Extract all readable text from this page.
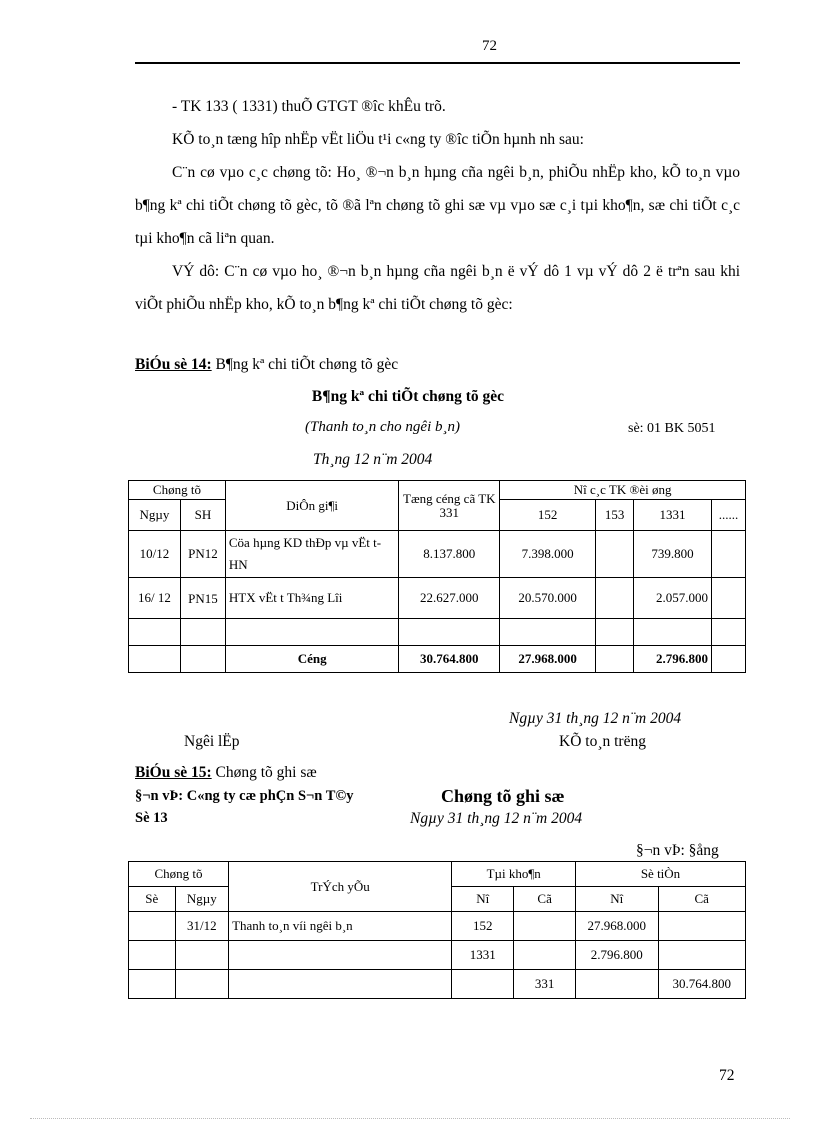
72
- TK 133 ( 1331) thuÕ GTGT ®îc khÊu trõ.
KÕ to¸n tæng hîp nhËp vËt liÖu t¹i c«ng ty ®îc tiÕn hµnh nh sau:
C¨n cø vµo c¸c chøng tõ: Ho¸ ®¬n b¸n hµng cña ngêi b¸n, phiÕu nhËp kho, kÕ to¸n vµo b¶ng kª chi tiÕt chøng tõ gèc, tõ ®ã lªn chøng tõ ghi sæ vµ vµo sæ c¸i tµi kho¶n, sæ chi tiÕt c¸c tµi kho¶n cã liªn quan.
VÝ dô: C¨n cø vµo ho¸ ®¬n b¸n hµng cña ngêi b¸n ë vÝ dô 1 vµ vÝ dô 2 ë trªn sau khi viÕt phiÕu nhËp kho, kÕ to¸n b¶ng kª chi tiÕt chøng tõ gèc:
BiÓu sè 14: B¶ng kª chi tiÕt chøng tõ gèc
B¶ng kª chi tiÕt chøng tõ gèc
(Thanh to¸n cho ngêi b¸n)	sè: 01 BK 5051
Th¸ng 12 n¨m 2004
Chøng tõ		DiÔn gi¶i	Tæng céng cã TK 331	Nî c¸c TK ®èi øng			
Ngµy	SH			152	153	1331	......
10/12	PN12	Cöa hµng KD thÐp vµ vËt t HN	8.137.800	7.398.000		739.800	
16/ 12	PN15	HTX vËt t Th¾ng Lîi	22.627.000	20.570.000		2.057.000	

		Céng	30.764.800	27.968.000		2.796.800	
Ngµy 31 th¸ng 12 n¨m 2004
Ngêi lËp	KÕ to¸n trëng
BiÓu sè 15: Chøng tõ ghi sæ
§¬n vÞ: C«ng ty cæ phÇn S¬n T©y	Chøng tõ ghi sæ
Sè 13	Ngµy 31 th¸ng 12 n¨m 2004
§¬n vÞ: §ång
Chøng tõ		TrÝch yÕu	Tµi kho¶n		Sè tiÒn	
Sè	Ngµy		Nî	Cã	Nî	Cã
	31/12	Thanh to¸n víi ngêi b¸n	152		27.968.000	
			1331		2.796.800	
				331		30.764.800
72
